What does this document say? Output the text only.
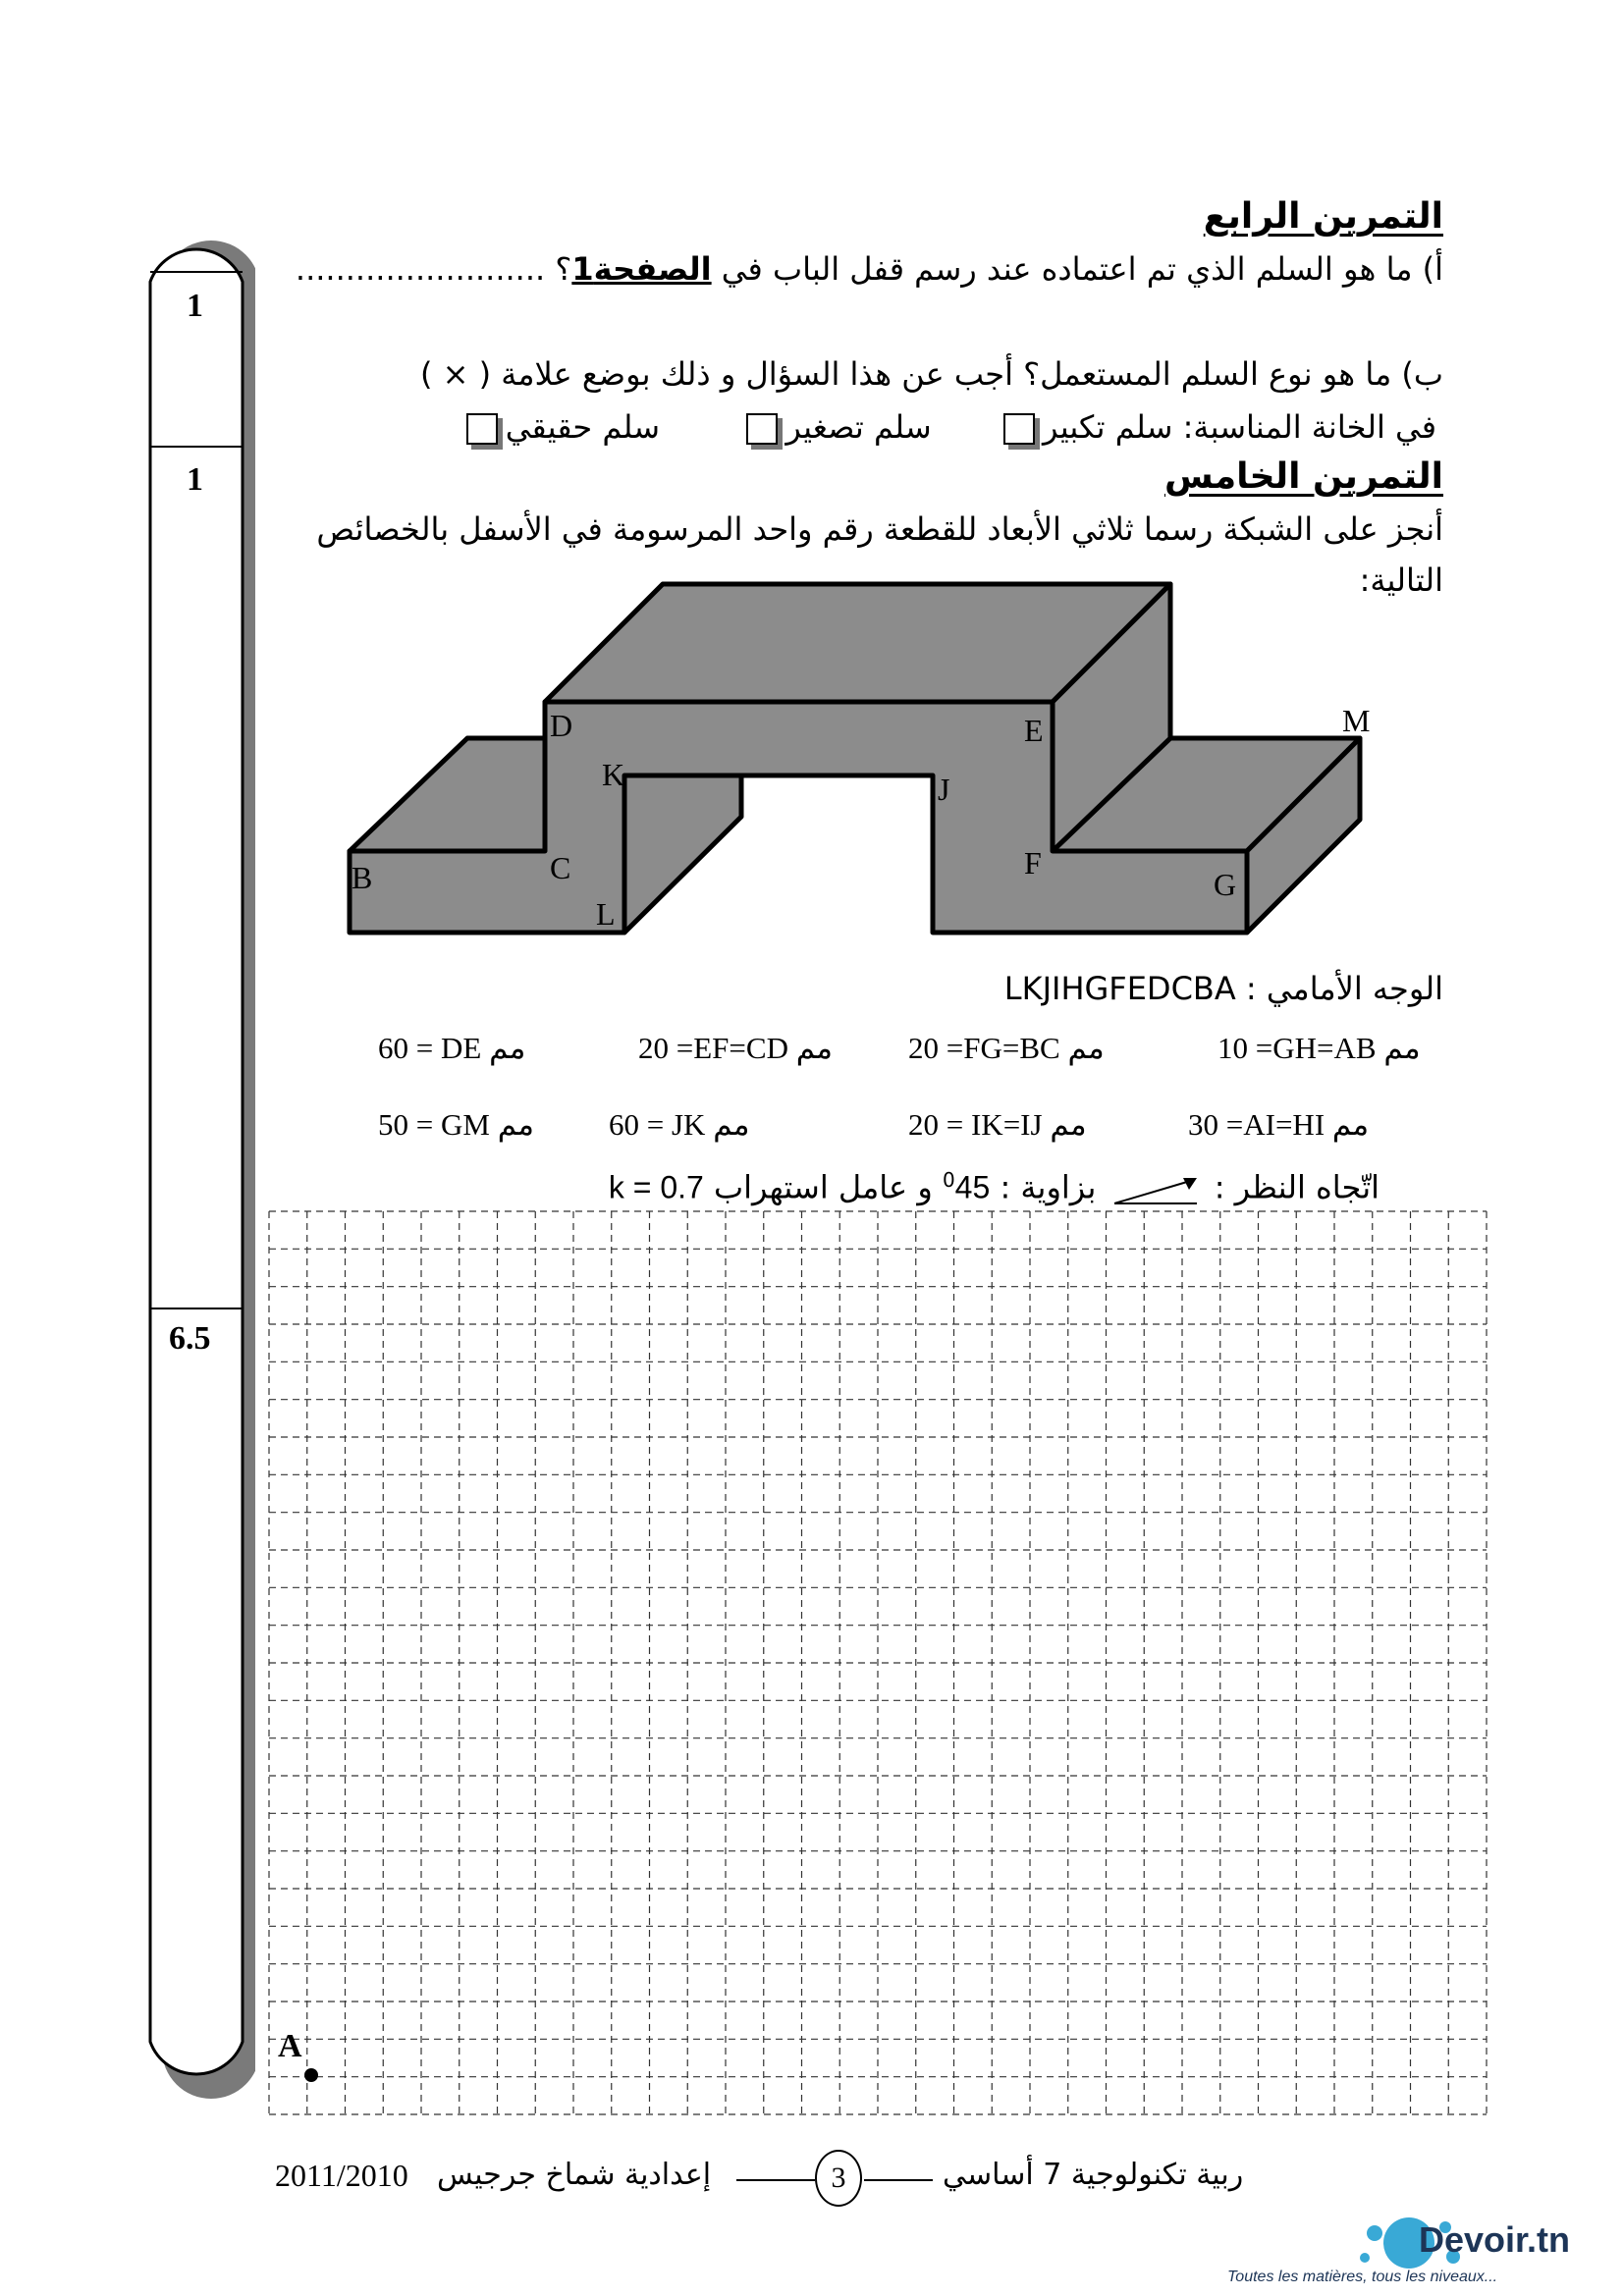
1
1
6.5
التمرين الرابع
أ) ما هو السلم الذي تم اعتماده عند رسم قفل الباب في الصفحة1؟ .........................
ب) ما هو نوع السلم المستعمل؟ أجب عن هذا السؤال و ذلك بوضع علامة ( × )
في الخانة المناسبة: سلم تكبير  سلم تصغير  سلم حقيقي
التمرين الخامس
أنجز على الشبكة رسما ثلاثي الأبعاد للقطعة رقم واحد المرسومة في الأسفل بالخصائص
التالية:
D	E	M
K	J
B	C	F
G
L
الوجه الأمامي : LKJIHGFEDCBA
60 = DE مم	20 =EF=CD مم 20 =FG=BC مم	10 =GH=AB مم
50 = GM مم 60 = JK مم	20 = IK=IJ مم	30 =AI=HI مم
اتّجاه النظر :  بزاوية : $^0$45 و عامل استهراب k = 0.7
A
2011/2010 إعدادية شماخ جرجيس	3	ربية تكنولوجية 7 أساسي
Devoir.tn
Toutes les matières, tous les niveaux...
